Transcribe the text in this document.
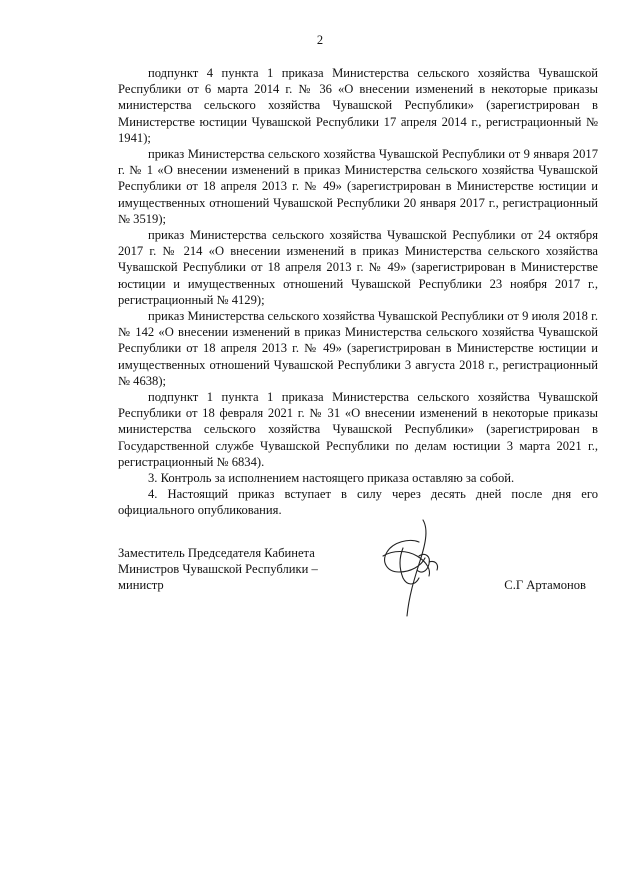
2

подпункт 4 пункта 1 приказа Министерства сельского хозяйства Чувашской Республики от 6 марта 2014 г. № 36 «О внесении изменений в некоторые приказы министерства сельского хозяйства Чувашской Республики» (зарегистрирован в Министерстве юстиции Чувашской Республики 17 апреля 2014 г., регистрационный № 1941);

приказ Министерства сельского хозяйства Чувашской Республики от 9 января 2017 г. № 1 «О внесении изменений в приказ Министерства сельского хозяйства Чувашской Республики от 18 апреля 2013 г. № 49» (зарегистрирован в Министерстве юстиции и имущественных отношений Чувашской Республики 20 января 2017 г., регистрационный № 3519);

приказ Министерства сельского хозяйства Чувашской Республики от 24 октября 2017 г. № 214 «О внесении изменений в приказ Министерства сельского хозяйства Чувашской Республики от 18 апреля 2013 г. № 49» (зарегистрирован в Министерстве юстиции и имущественных отношений Чувашской Республики 23 ноября 2017 г., регистрационный № 4129);

приказ Министерства сельского хозяйства Чувашской Республики от 9 июля 2018 г. № 142 «О внесении изменений в приказ Министерства сельского хозяйства Чувашской Республики от 18 апреля 2013 г. № 49» (зарегистрирован в Министерстве юстиции и имущественных отношений Чувашской Республики 3 августа 2018 г., регистрационный № 4638);

подпункт 1 пункта 1 приказа Министерства сельского хозяйства Чувашской Республики от 18 февраля 2021 г. № 31 «О внесении изменений в некоторые приказы министерства сельского хозяйства Чувашской Республики» (зарегистрирован в Государственной службе Чувашской Республики по делам юстиции 3 марта 2021 г., регистрационный № 6834).

3. Контроль за исполнением настоящего приказа оставляю за собой.

4. Настоящий приказ вступает в силу через десять дней после дня его официального опубликования.

Заместитель Председателя Кабинета
Министров Чувашской Республики –
министр	С.Г Артамонов
